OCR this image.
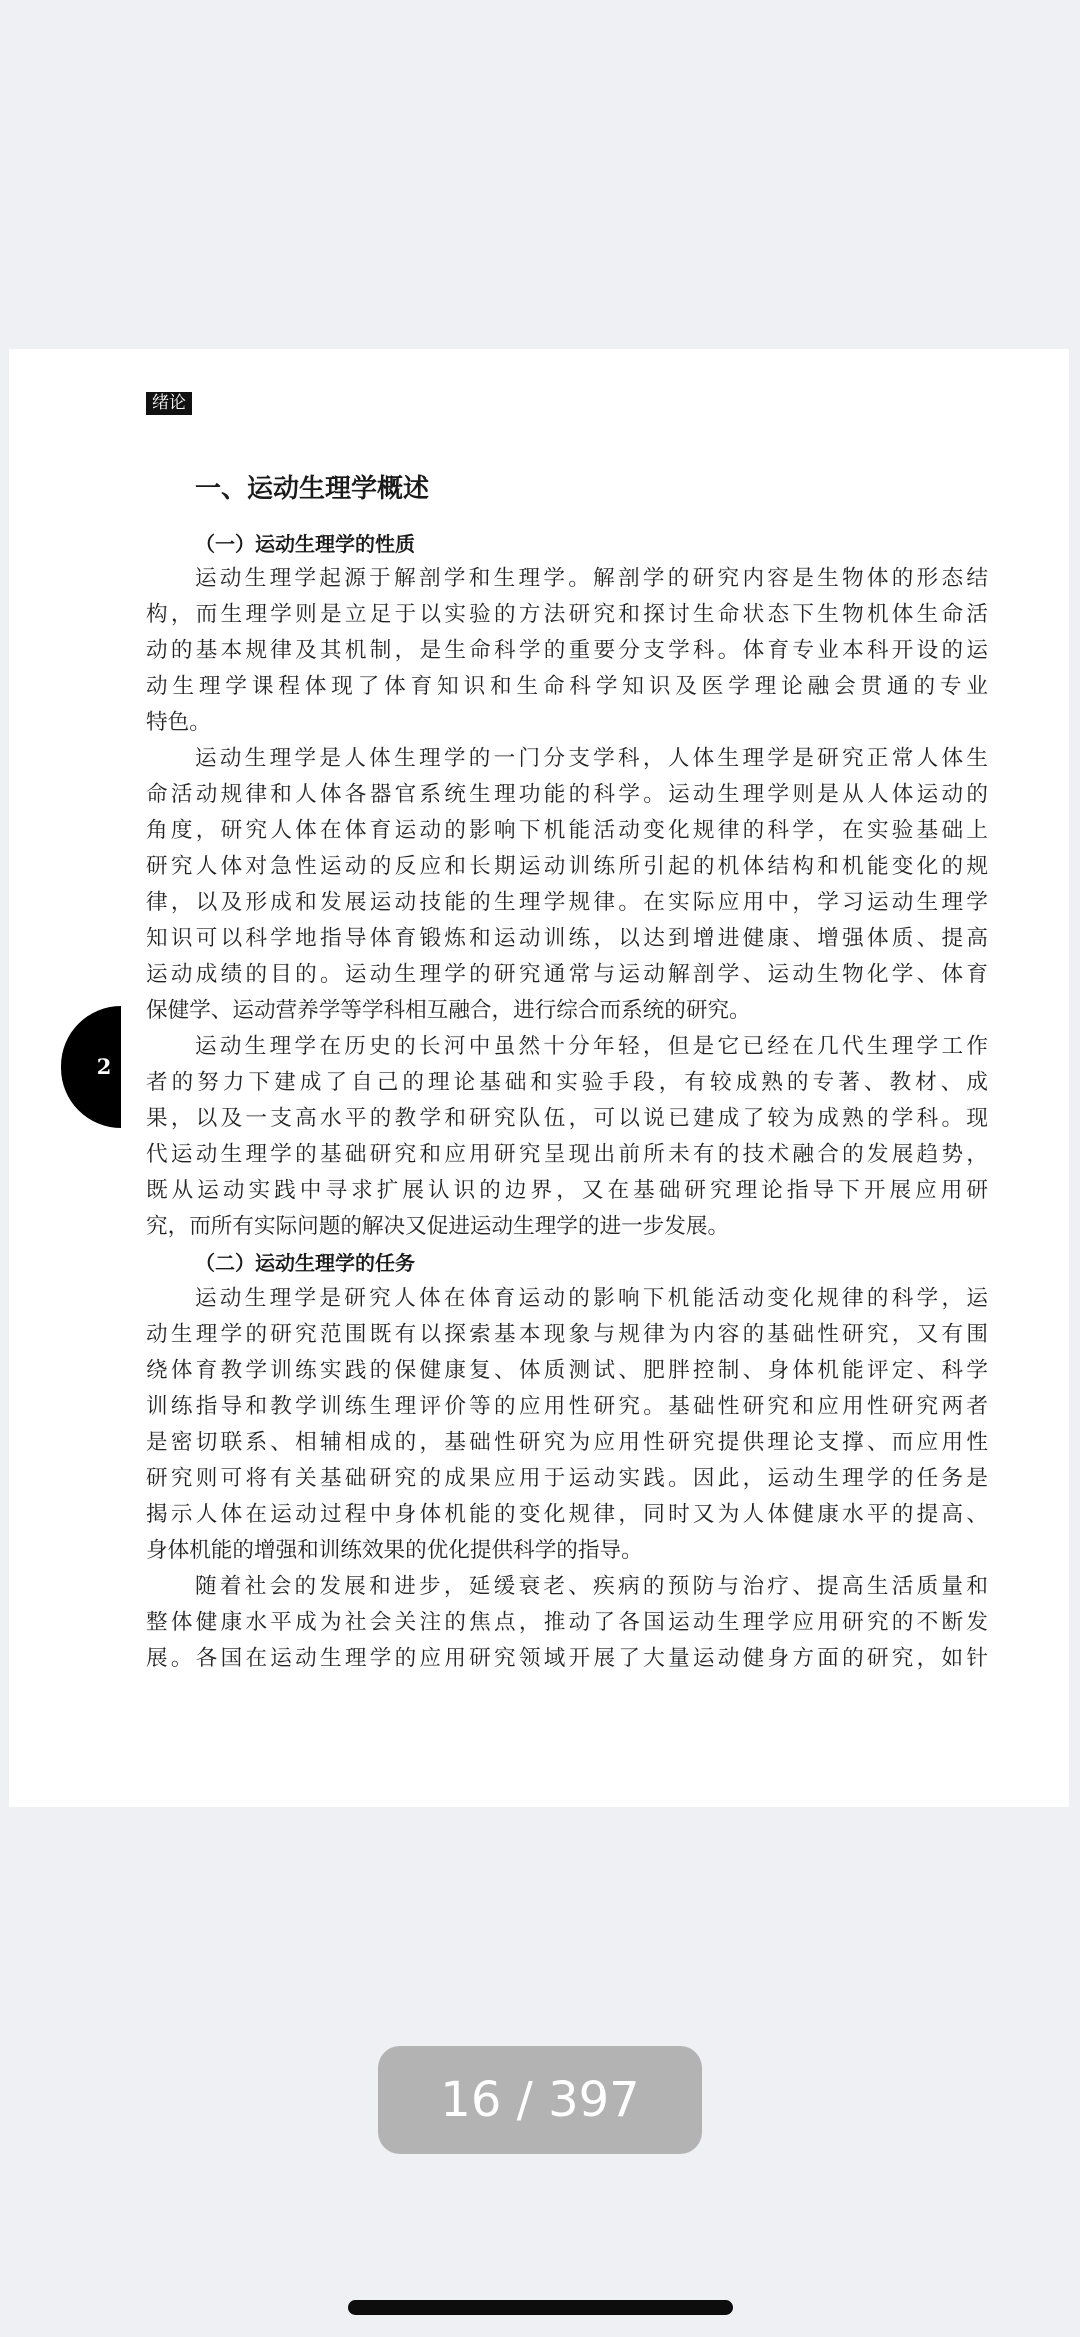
绪论
2
一、运动生理学概述
（一）运动生理学的性质
运动生理学起源于解剖学和生理学。解剖学的研究内容是生物体的形态结
构，而生理学则是立足于以实验的方法研究和探讨生命状态下生物机体生命活
动的基本规律及其机制，是生命科学的重要分支学科。体育专业本科开设的运
动生理学课程体现了体育知识和生命科学知识及医学理论融会贯通的专业
特色。
运动生理学是人体生理学的一门分支学科，人体生理学是研究正常人体生
命活动规律和人体各器官系统生理功能的科学。运动生理学则是从人体运动的
角度，研究人体在体育运动的影响下机能活动变化规律的科学，在实验基础上
研究人体对急性运动的反应和长期运动训练所引起的机体结构和机能变化的规
律，以及形成和发展运动技能的生理学规律。在实际应用中，学习运动生理学
知识可以科学地指导体育锻炼和运动训练，以达到增进健康、增强体质、提高
运动成绩的目的。运动生理学的研究通常与运动解剖学、运动生物化学、体育
保健学、运动营养学等学科相互融合，进行综合而系统的研究。
运动生理学在历史的长河中虽然十分年轻，但是它已经在几代生理学工作
者的努力下建成了自己的理论基础和实验手段，有较成熟的专著、教材、成
果，以及一支高水平的教学和研究队伍，可以说已建成了较为成熟的学科。现
代运动生理学的基础研究和应用研究呈现出前所未有的技术融合的发展趋势，
既从运动实践中寻求扩展认识的边界，又在基础研究理论指导下开展应用研
究，而所有实际问题的解决又促进运动生理学的进一步发展。
（二）运动生理学的任务
运动生理学是研究人体在体育运动的影响下机能活动变化规律的科学，运
动生理学的研究范围既有以探索基本现象与规律为内容的基础性研究，又有围
绕体育教学训练实践的保健康复、体质测试、肥胖控制、身体机能评定、科学
训练指导和教学训练生理评价等的应用性研究。基础性研究和应用性研究两者
是密切联系、相辅相成的，基础性研究为应用性研究提供理论支撑、而应用性
研究则可将有关基础研究的成果应用于运动实践。因此，运动生理学的任务是
揭示人体在运动过程中身体机能的变化规律，同时又为人体健康水平的提高、
身体机能的增强和训练效果的优化提供科学的指导。
随着社会的发展和进步，延缓衰老、疾病的预防与治疗、提高生活质量和
整体健康水平成为社会关注的焦点，推动了各国运动生理学应用研究的不断发
展。各国在运动生理学的应用研究领域开展了大量运动健身方面的研究，如针
16 / 397
